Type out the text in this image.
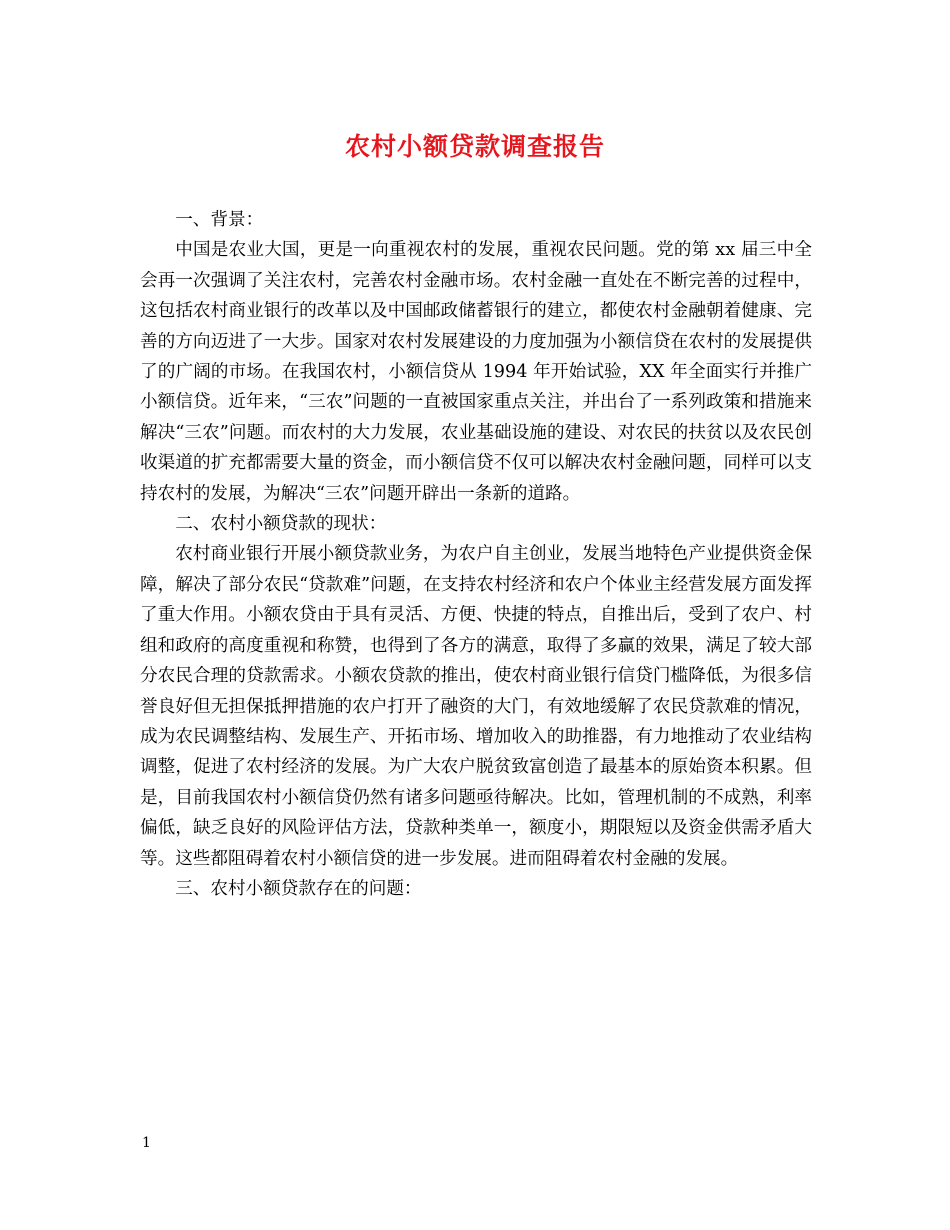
农村小额贷款调查报告

一、背景：

中国是农业大国，更是一向重视农村的发展，重视农民问题。党的第 xx 届三中全会再一次强调了关注农村，完善农村金融市场。农村金融一直处在不断完善的过程中，这包括农村商业银行的改革以及中国邮政储蓄银行的建立，都使农村金融朝着健康、完善的方向迈进了一大步。国家对农村发展建设的力度加强为小额信贷在农村的发展提供了的广阔的市场。在我国农村，小额信贷从 1994 年开始试验，XX 年全面实行并推广小额信贷。近年来，“三农”问题的一直被国家重点关注，并出台了一系列政策和措施来解决“三农”问题。而农村的大力发展，农业基础设施的建设、对农民的扶贫以及农民创收渠道的扩充都需要大量的资金，而小额信贷不仅可以解决农村金融问题，同样可以支持农村的发展，为解决“三农”问题开辟出一条新的道路。

二、农村小额贷款的现状：

农村商业银行开展小额贷款业务，为农户自主创业，发展当地特色产业提供资金保障，解决了部分农民“贷款难”问题，在支持农村经济和农户个体业主经营发展方面发挥了重大作用。小额农贷由于具有灵活、方便、快捷的特点，自推出后，受到了农户、村组和政府的高度重视和称赞，也得到了各方的满意，取得了多赢的效果，满足了较大部分农民合理的贷款需求。小额农贷款的推出，使农村商业银行信贷门槛降低，为很多信誉良好但无担保抵押措施的农户打开了融资的大门，有效地缓解了农民贷款难的情况，成为农民调整结构、发展生产、开拓市场、增加收入的助推器，有力地推动了农业结构调整，促进了农村经济的发展。为广大农户脱贫致富创造了最基本的原始资本积累。但是，目前我国农村小额信贷仍然有诸多问题亟待解决。比如，管理机制的不成熟，利率偏低，缺乏良好的风险评估方法，贷款种类单一，额度小，期限短以及资金供需矛盾大等。这些都阻碍着农村小额信贷的进一步发展。进而阻碍着农村金融的发展。

三、农村小额贷款存在的问题：

1
